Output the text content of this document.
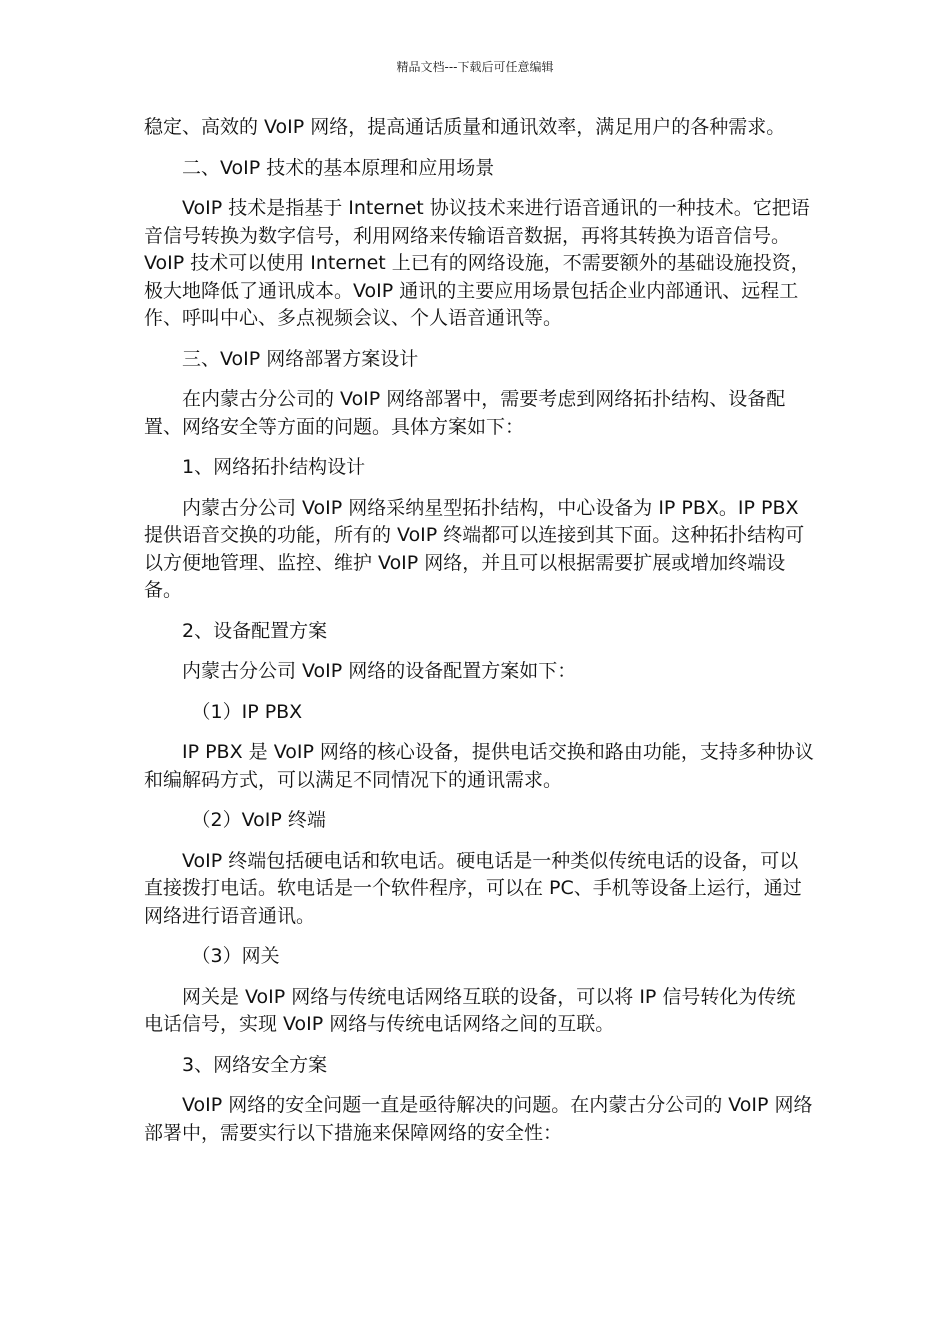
精品文档---下载后可任意编辑

稳定、高效的 VoIP 网络，提高通话质量和通讯效率，满足用户的各种需求。

二、VoIP 技术的基本原理和应用场景

VoIP 技术是指基于 Internet 协议技术来进行语音通讯的一种技术。它把语音信号转换为数字信号，利用网络来传输语音数据，再将其转换为语音信号。VoIP 技术可以使用 Internet 上已有的网络设施，不需要额外的基础设施投资，极大地降低了通讯成本。VoIP 通讯的主要应用场景包括企业内部通讯、远程工作、呼叫中心、多点视频会议、个人语音通讯等。

三、VoIP 网络部署方案设计

在内蒙古分公司的 VoIP 网络部署中，需要考虑到网络拓扑结构、设备配置、网络安全等方面的问题。具体方案如下：

1、网络拓扑结构设计

内蒙古分公司 VoIP 网络采纳星型拓扑结构，中心设备为 IP PBX。IP PBX 提供语音交换的功能，所有的 VoIP 终端都可以连接到其下面。这种拓扑结构可以方便地管理、监控、维护 VoIP 网络，并且可以根据需要扩展或增加终端设备。

2、设备配置方案

内蒙古分公司 VoIP 网络的设备配置方案如下：

（1）IP PBX

IP PBX 是 VoIP 网络的核心设备，提供电话交换和路由功能，支持多种协议和编解码方式，可以满足不同情况下的通讯需求。

（2）VoIP 终端

VoIP 终端包括硬电话和软电话。硬电话是一种类似传统电话的设备，可以直接拨打电话。软电话是一个软件程序，可以在 PC、手机等设备上运行，通过网络进行语音通讯。

（3）网关

网关是 VoIP 网络与传统电话网络互联的设备，可以将 IP 信号转化为传统电话信号，实现 VoIP 网络与传统电话网络之间的互联。

3、网络安全方案

VoIP 网络的安全问题一直是亟待解决的问题。在内蒙古分公司的 VoIP 网络部署中，需要实行以下措施来保障网络的安全性：
